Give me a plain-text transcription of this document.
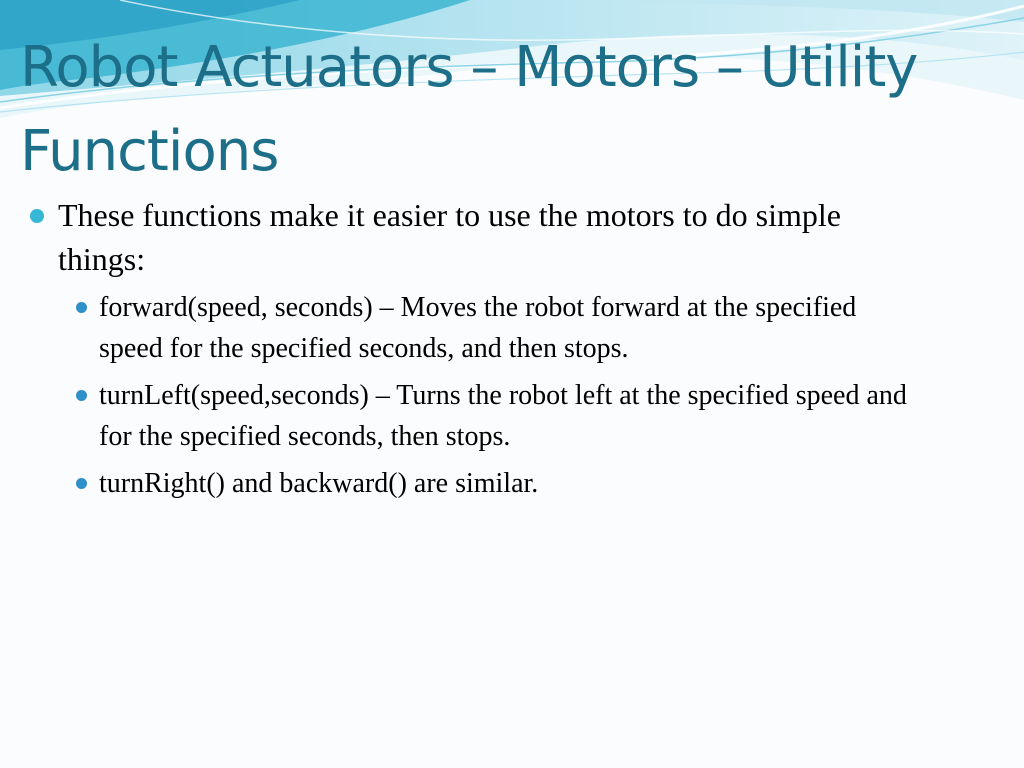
Robot Actuators – Motors – Utility Functions
These functions make it easier to use the motors to do simple things:
forward(speed, seconds) – Moves the robot forward at the specified speed for the specified seconds, and then stops.
turnLeft(speed,seconds) – Turns the robot left at the specified speed and for the specified seconds, then stops.
turnRight() and backward() are similar.
